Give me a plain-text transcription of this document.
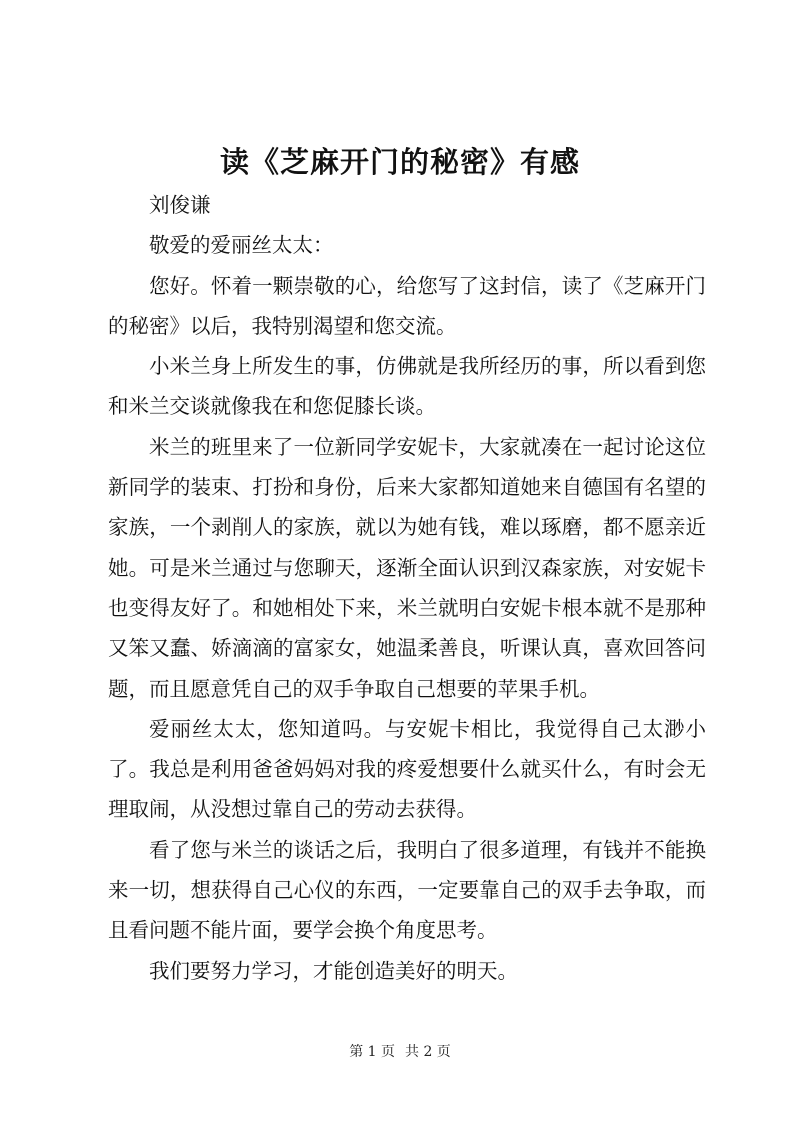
读《芝麻开门的秘密》有感

刘俊谦

敬爱的爱丽丝太太：

您好。怀着一颗崇敬的心，给您写了这封信，读了《芝麻开门的秘密》以后，我特别渴望和您交流。

小米兰身上所发生的事，仿佛就是我所经历的事，所以看到您和米兰交谈就像我在和您促膝长谈。

米兰的班里来了一位新同学安妮卡，大家就凑在一起讨论这位新同学的装束、打扮和身份，后来大家都知道她来自德国有名望的家族，一个剥削人的家族，就以为她有钱，难以琢磨，都不愿亲近她。可是米兰通过与您聊天，逐渐全面认识到汉森家族，对安妮卡也变得友好了。和她相处下来，米兰就明白安妮卡根本就不是那种又笨又蠢、娇滴滴的富家女，她温柔善良，听课认真，喜欢回答问题，而且愿意凭自己的双手争取自己想要的苹果手机。

爱丽丝太太，您知道吗。与安妮卡相比，我觉得自己太渺小了。我总是利用爸爸妈妈对我的疼爱想要什么就买什么，有时会无理取闹，从没想过靠自己的劳动去获得。

看了您与米兰的谈话之后，我明白了很多道理，有钱并不能换来一切，想获得自己心仪的东西，一定要靠自己的双手去争取，而且看问题不能片面，要学会换个角度思考。

我们要努力学习，才能创造美好的明天。

第 1 页 共 2 页
